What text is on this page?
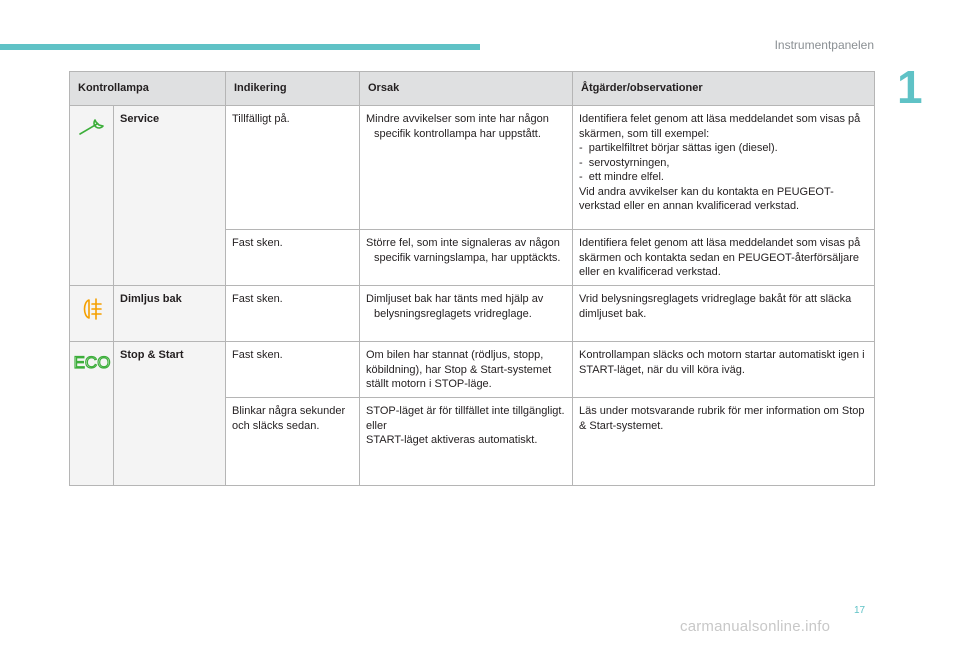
Instrumentpanelen
1
Kontrollampa		Indikering	Orsak	Åtgärder/observationer
	Service	Tillfälligt på.	Mindre avvikelser som inte har någon specifik kontrollampa har uppstått.	Identifiera felet genom att läsa meddelandet som visas på skärmen, som till exempel:
-  partikelfiltret börjar sättas igen (diesel).
-  servostyrningen,
-  ett mindre elfel.
Vid andra avvikelser kan du kontakta en PEUGEOT-verkstad eller en annan kvalificerad verkstad.

		Fast sken.	Större fel, som inte signaleras av någon specifik varningslampa, har upptäckts.	Identifiera felet genom att läsa meddelandet som visas på skärmen och kontakta sedan en PEUGEOT-återförsäljare eller en kvalificerad verkstad.
	Dimljus bak	Fast sken.	Dimljuset bak har tänts med hjälp av belysningsreglagets vridreglage.	Vrid belysningsreglagets vridreglage bakåt för att släcka dimljuset bak.

ECO	Stop & Start	Fast sken.	Om bilen har stannat (rödljus, stopp, köbildning), har Stop & Start-systemet ställt motorn i STOP-läge.	Kontrollampan släcks och motorn startar automatiskt igen i START-läget, när du vill köra iväg.
		Blinkar några sekunder och släcks sedan.	STOP-läget är för tillfället inte tillgängligt.
eller
START-läget aktiveras automatiskt.	Läs under motsvarande rubrik för mer information om Stop & Start-systemet.
17
carmanualsonline.info
